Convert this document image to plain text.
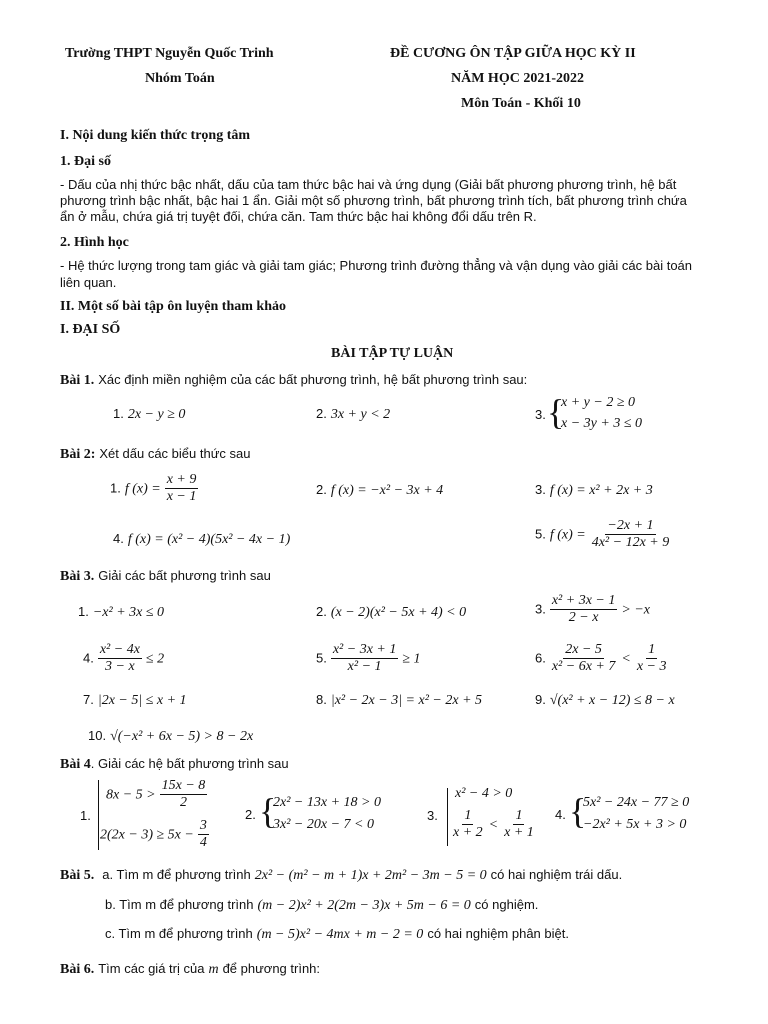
Trường THPT Nguyễn Quốc Trinh
Nhóm Toán
ĐỀ CƯƠNG ÔN TẬP GIỮA HỌC KỲ II
NĂM HỌC 2021-2022
Môn Toán - Khối 10
I. Nội dung kiến thức trọng tâm
1. Đại số
- Dấu của nhị thức bậc nhất, dấu của tam thức bậc hai và ứng dụng (Giải bất phương phương trình, hệ bất
phương trình bậc nhất, bậc hai 1 ẩn. Giải một số phương trình, bất phương trình tích, bất phương trình chứa
ẩn ở mẫu, chứa giá trị tuyệt đối, chứa căn. Tam thức bậc hai không đổi dấu trên R.
2. Hình học
- Hệ thức lượng trong tam giác và giải tam giác; Phương trình đường thẳng và vận dụng vào giải các bài toán
liên quan.
II. Một số bài tập ôn luyện tham khảo
I. ĐẠI SỐ
BÀI TẬP TỰ LUẬN
Bài 1. Xác định miền nghiệm của các bất phương trình, hệ bất phương trình sau:
1. 2x − y ≥ 0	2. 3x + y < 2	3. {
x + y − 2 ≥ 0
x − 3y + 3 ≤ 0
Bài 2: Xét dấu các biểu thức sau
1. f $(x) = \frac{x + 9}{x - 1}$	2. f (x) = −x² − 3x + 4	3. f (x) = x² + 2x + 3
4. f (x) = (x² − 4)(5x² − 4x − 1)	5. f $(x) = \frac{-2x + 1}{\text{4x² − 12x + 9}}$
Bài 3. Giải các bất phương trình sau
1. −x² + 3x ≤ 0	2. (x − 2)(x² − 5x + 4) < 0	3. $\frac{\text{x² + 3x − 1}}{2 - x} > -x$
4. $\frac{\text{x² − 4x}}{3 - x} \le 2$	5. $\frac{\text{x² − 3x + 1}}{\text{x² − 1}} \ge 1$	6. $\frac{2x - 5}{\text{x² − 6x + 7}} < \frac{1}{x - 3}$
7. |2x − 5| ≤ x + 1	8. |x² − 2x − 3| = x² − 2x + 5	9. √(x² + x − 12) ≤ 8 − x
10. √(−x² + 6x − 5) > 8 − 2x
Bài 4. Giải các hệ bất phương trình sau
1.
$8x - 5 > \frac{15x - 8}{2}$
$2(2x - 3) \ge 5x - \frac{3}{4}$
2. {
2x² − 13x + 18 > 0
3x² − 20x − 7 < 0
3.
x² − 4 > 0
$\frac{1}{x + 2} < \frac{1}{x + 1} 4$. {
5x² − 24x − 77 ≥ 0
−2x² + 5x + 3 > 0
Bài 5. a. Tìm m để phương trình 2x² − (m² − m + 1)x + 2m² − 3m − 5 = 0 có hai nghiệm trái dấu.
b. Tìm m để phương trình (m − 2)x² + 2(2m − 3)x + 5m − 6 = 0 có nghiệm.
c. Tìm m để phương trình (m − 5)x² − 4mx + m − 2 = 0 có hai nghiệm phân biệt.
Bài 6. Tìm các giá trị của m để phương trình:
